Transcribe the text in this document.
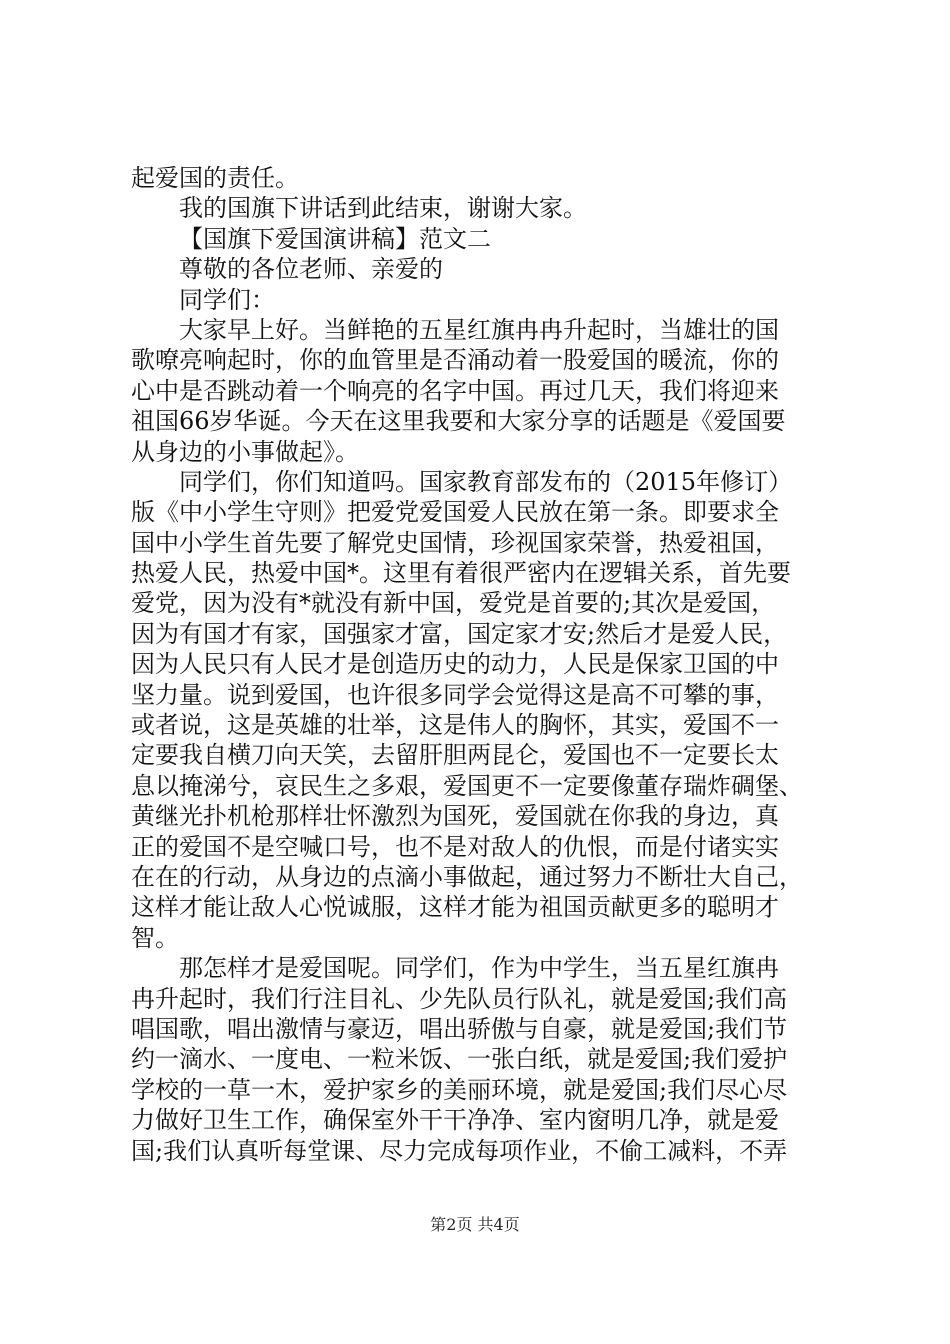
起爱国的责任。
我的国旗下讲话到此结束，谢谢大家。
【国旗下爱国演讲稿】范文二
尊敬的各位老师、亲爱的
同学们：
大家早上好。当鲜艳的五星红旗冉冉升起时，当雄壮的国
歌嘹亮响起时，你的血管里是否涌动着一股爱国的暖流，你的
心中是否跳动着一个响亮的名字中国。再过几天，我们将迎来
祖国66岁华诞。今天在这里我要和大家分享的话题是《爱国要
从身边的小事做起》。
同学们，你们知道吗。国家教育部发布的（2015年修订）
版《中小学生守则》把爱党爱国爱人民放在第一条。即要求全
国中小学生首先要了解党史国情，珍视国家荣誉，热爱祖国，
热爱人民，热爱中国*。这里有着很严密内在逻辑关系，首先要
爱党，因为没有*就没有新中国，爱党是首要的;其次是爱国，
因为有国才有家，国强家才富，国定家才安;然后才是爱人民，
因为人民只有人民才是创造历史的动力，人民是保家卫国的中
坚力量。说到爱国，也许很多同学会觉得这是高不可攀的事，
或者说，这是英雄的壮举，这是伟人的胸怀，其实，爱国不一
定要我自横刀向天笑，去留肝胆两昆仑，爱国也不一定要长太
息以掩涕兮，哀民生之多艰，爱国更不一定要像董存瑞炸碉堡、
黄继光扑机枪那样壮怀激烈为国死，爱国就在你我的身边，真
正的爱国不是空喊口号，也不是对敌人的仇恨，而是付诸实实
在在的行动，从身边的点滴小事做起，通过努力不断壮大自己，
这样才能让敌人心悦诚服，这样才能为祖国贡献更多的聪明才
智。
那怎样才是爱国呢。同学们，作为中学生，当五星红旗冉
冉升起时，我们行注目礼、少先队员行队礼，就是爱国;我们高
唱国歌，唱出激情与豪迈，唱出骄傲与自豪，就是爱国;我们节
约一滴水、一度电、一粒米饭、一张白纸，就是爱国;我们爱护
学校的一草一木，爱护家乡的美丽环境，就是爱国;我们尽心尽
力做好卫生工作，确保室外干干净净、室内窗明几净，就是爱
国;我们认真听每堂课、尽力完成每项作业，不偷工减料，不弄
第2页 共4页
